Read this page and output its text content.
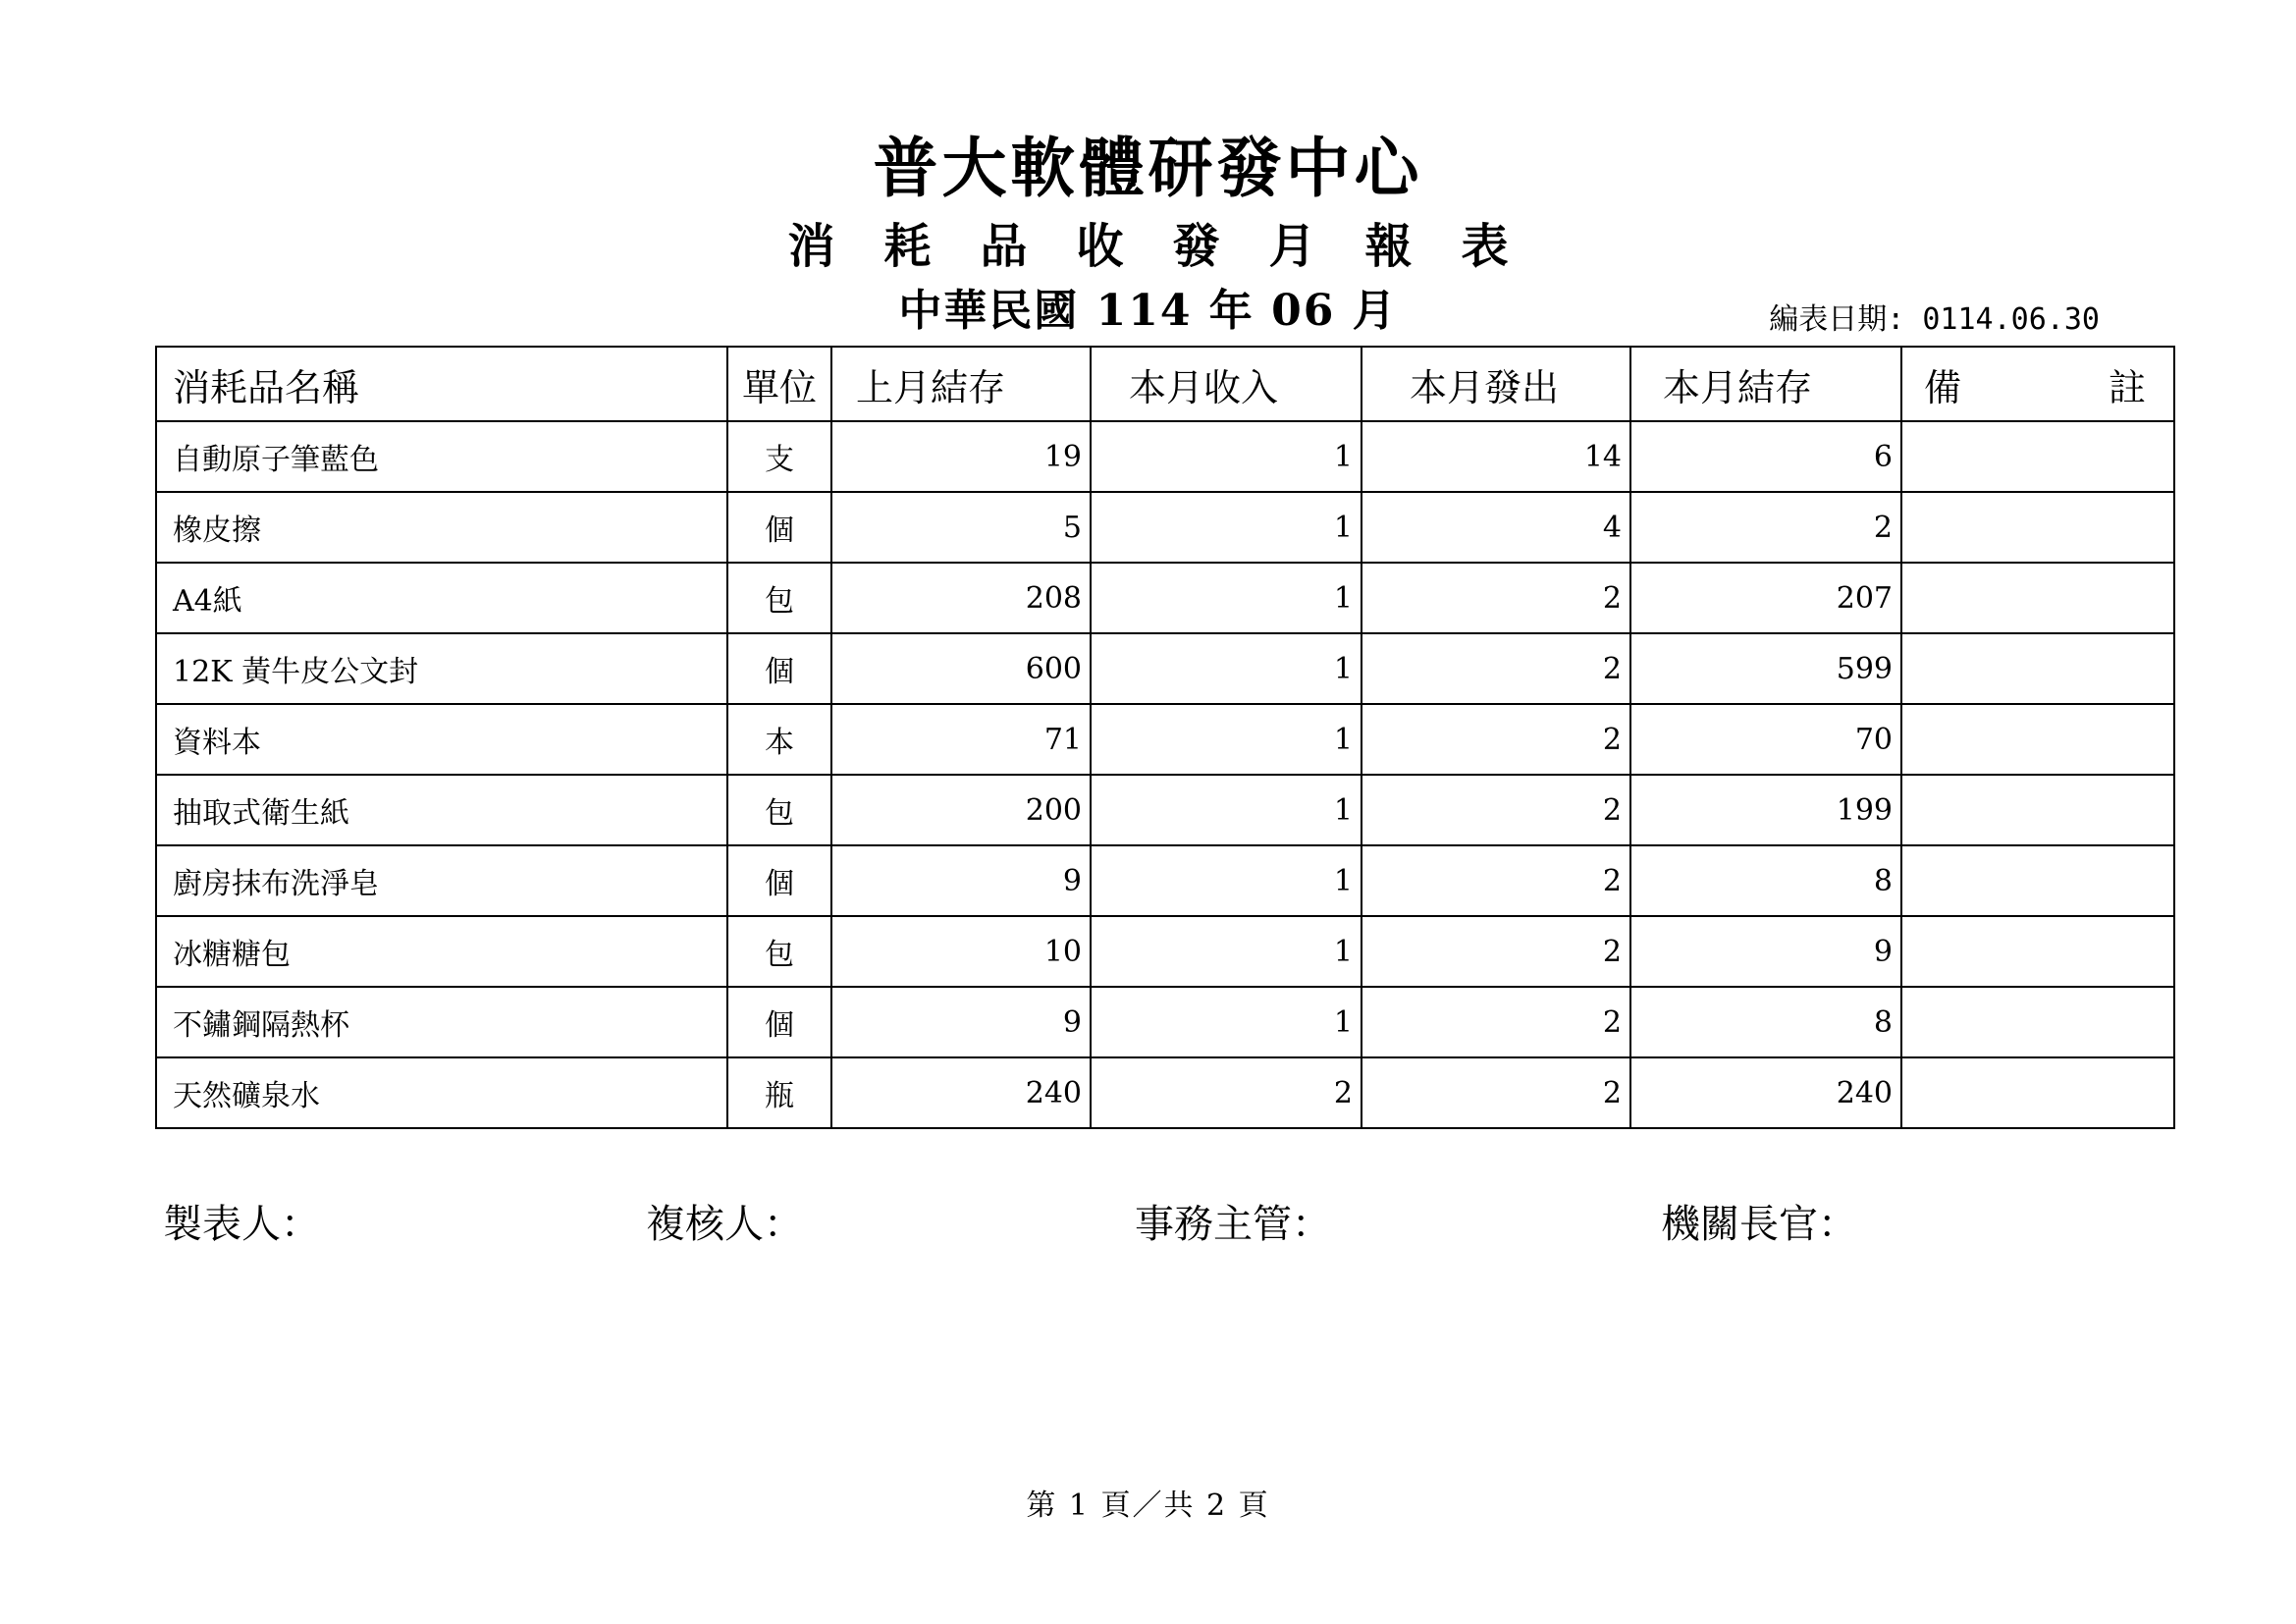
普大軟體研發中心
消耗品收發月報表
中華民國 114 年 06 月	編表日期: 0114.06.30
消耗品名稱	單位	上月結存	本月收入	本月發出	本月結存	備 註

自動原子筆藍色	支	19	1	14	6	
橡皮擦	個	5	1	4	2	
A4紙	包	208	1	2	207	
12K 黃牛皮公文封	個	600	1	2	599	
資料本	本	71	1	2	70	
抽取式衛生紙	包	200	1	2	199	
廚房抹布洗淨皂	個	9	1	2	8	
冰糖糖包	包	10	1	2	9	
不鏽鋼隔熱杯	個	9	1	2	8	
天然礦泉水	瓶	240	2	2	240	
製表人：	複核人：	事務主管：	機關長官：
第 1 頁／共 2 頁
